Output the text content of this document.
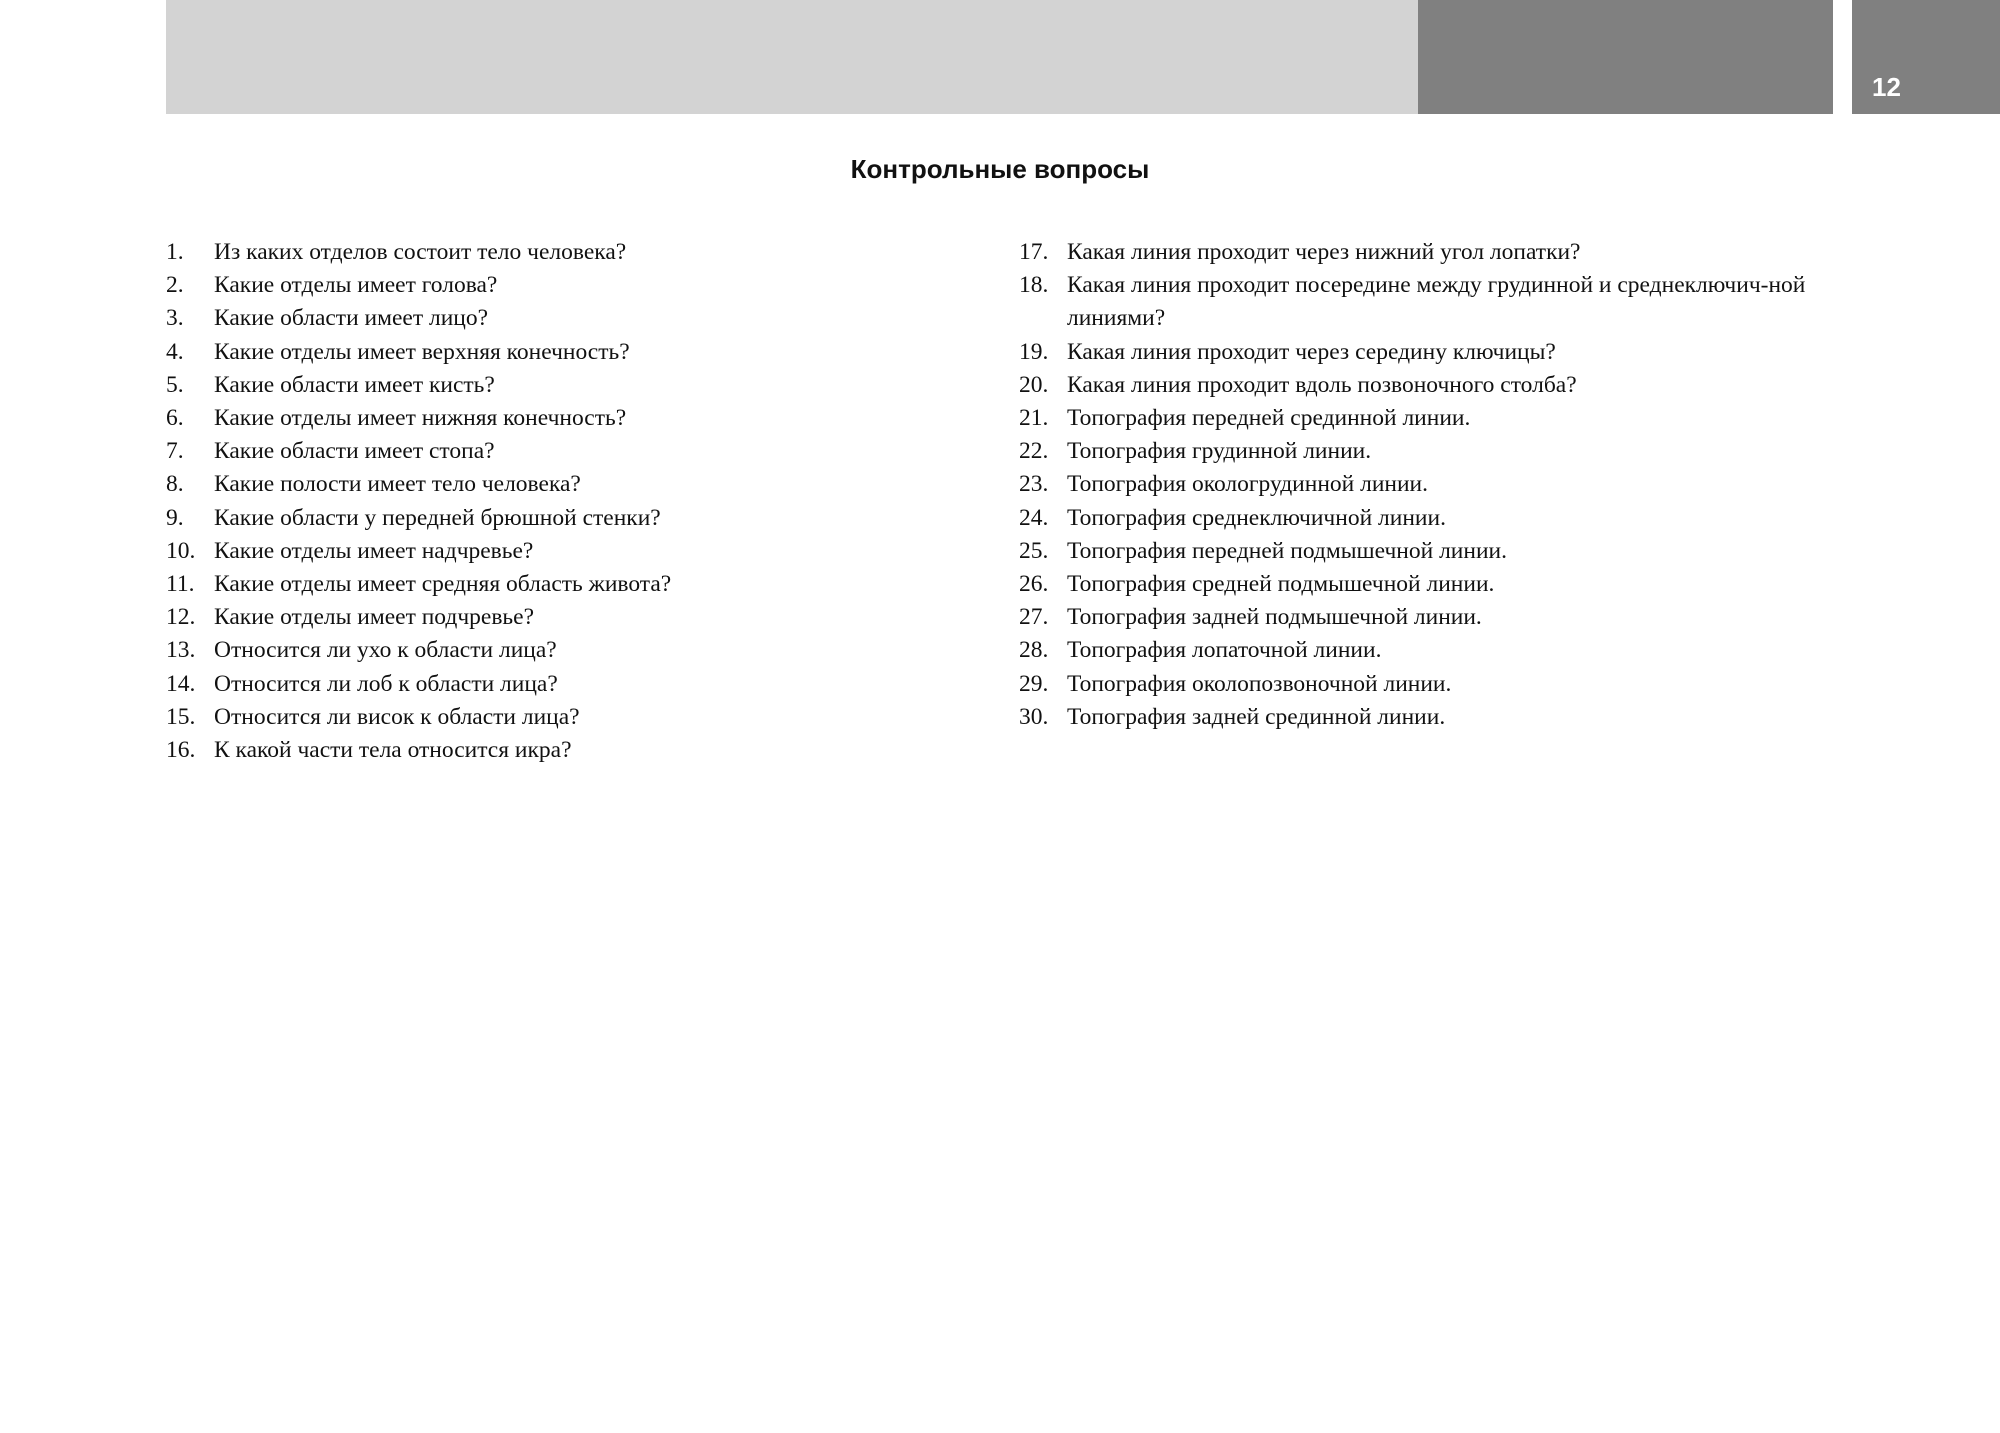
12
Контрольные вопросы
1.	Из каких отделов состоит тело человека?
2.	Какие отделы имеет голова?
3.	Какие области имеет лицо?
4.	Какие отделы имеет верхняя конечность?
5.	Какие области имеет кисть?
6.	Какие отделы имеет нижняя конечность?
7.	Какие области имеет стопа?
8.	Какие полости имеет тело человека?
9.	Какие области у передней брюшной стенки?
10. Какие отделы имеет надчревье?
11. Какие отделы имеет средняя область живота?
12. Какие отделы имеет подчревье?
13. Относится ли ухо к области лица?
14. Относится ли лоб к области лица?
15. Относится ли висок к области лица?
16. К какой части тела относится икра?
17. Какая линия проходит через нижний угол лопатки?
18. Какая линия проходит посередине между грудинной и среднеключич-ной линиями?
19. Какая линия проходит через середину ключицы?
20. Какая линия проходит вдоль позвоночного столба?
21. Топография передней срединной линии.
22. Топография грудинной линии.
23. Топография окологрудинной линии.
24. Топография среднеключичной линии.
25. Топография передней подмышечной линии.
26. Топография средней подмышечной линии.
27. Топография задней подмышечной линии.
28. Топография лопаточной линии.
29. Топография околопозвоночной линии.
30. Топография задней срединной линии.
